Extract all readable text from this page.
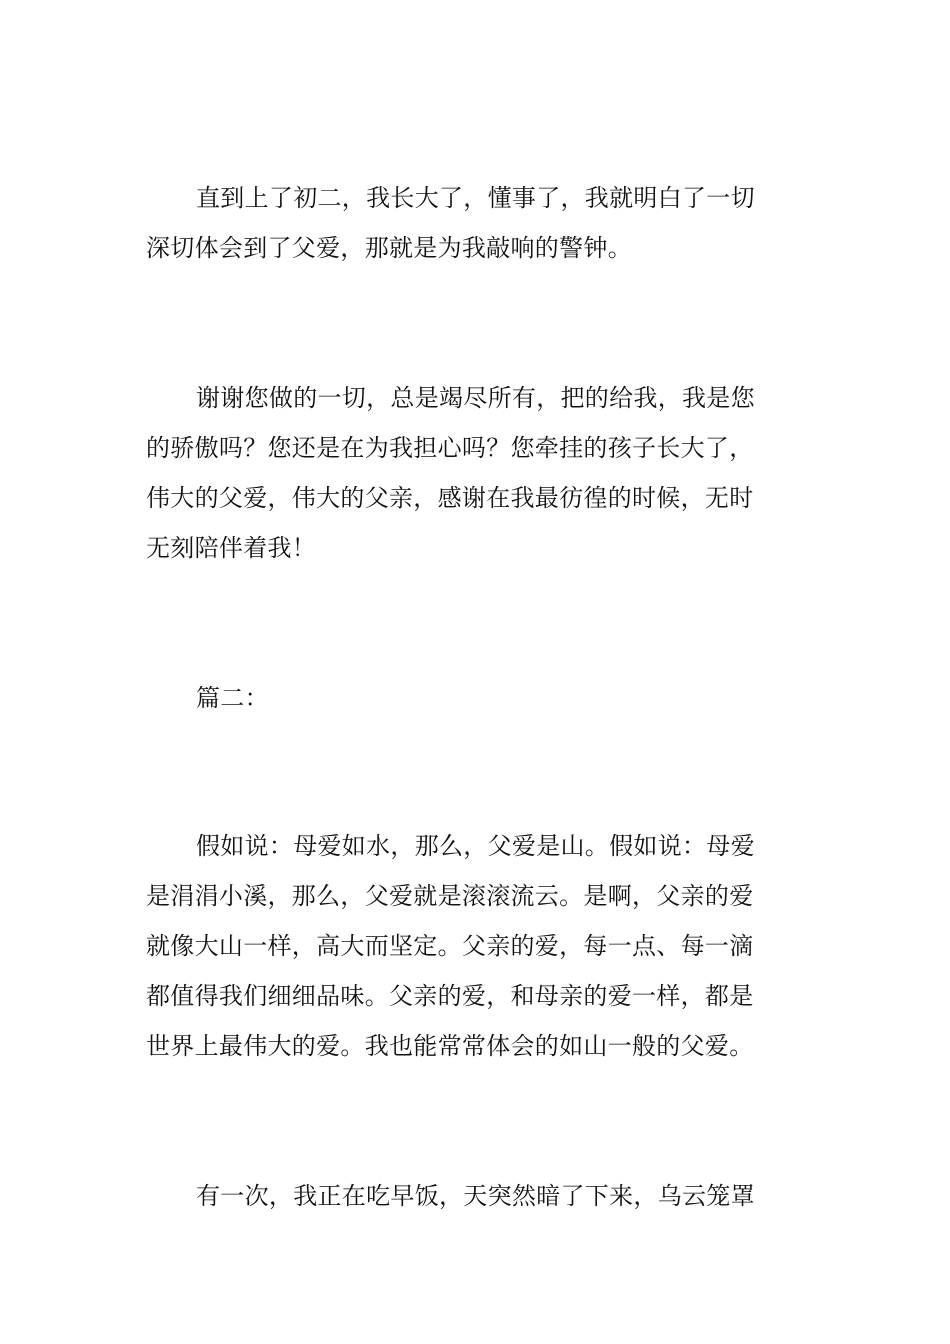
直到上了初二，我长大了，懂事了，我就明白了一切
深切体会到了父爱，那就是为我敲响的警钟。
谢谢您做的一切，总是竭尽所有，把的给我，我是您
的骄傲吗？您还是在为我担心吗？您牵挂的孩子长大了，
伟大的父爱，伟大的父亲，感谢在我最彷徨的时候，无时
无刻陪伴着我！
篇二：
假如说：母爱如水，那么，父爱是山。假如说：母爱
是涓涓小溪，那么，父爱就是滚滚流云。是啊，父亲的爱
就像大山一样，高大而坚定。父亲的爱，每一点、每一滴
都值得我们细细品味。父亲的爱，和母亲的爱一样，都是
世界上最伟大的爱。我也能常常体会的如山一般的父爱。
有一次，我正在吃早饭，天突然暗了下来，乌云笼罩
